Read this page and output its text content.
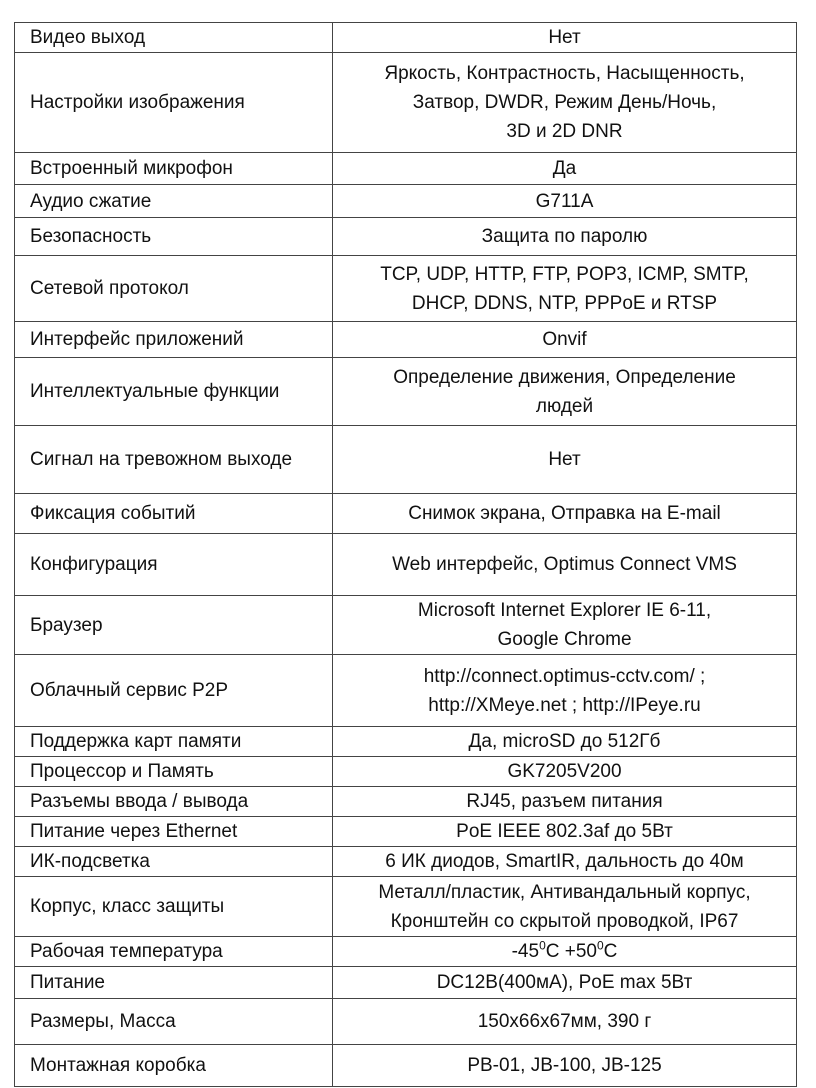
Видео выход	Нет

Настройки изображения	Яркость, Контрастность, Насыщенность,
Затвор, DWDR, Режим День/Ночь,
3D и 2D DNR

Встроенный микрофон	Да

Аудио сжатие	G711A

Безопасность	Защита по паролю

Сетевой протокол	TCP, UDP, HTTP, FTP, POP3, ICMP, SMTP,
DHCP, DDNS, NTP, PPPoE и RTSP

Интерфейс приложений	Onvif

Интеллектуальные функции	Определение движения, Определение
людей

Сигнал на тревожном выходе	Нет

Фиксация событий	Снимок экрана, Отправка на E-mail

Конфигурация	Web интерфейс, Optimus Connect VMS

Браузер	Microsoft Internet Explorer IE 6-11,
Google Chrome

Облачный сервис P2P	http://connect.optimus-cctv.com/ ;
http://XMeye.net ; http://IPeye.ru

Поддержка карт памяти	Да, microSD до 512Гб

Процессор и Память	GK7205V200

Разъемы ввода / вывода	RJ45, разъем питания

Питание через Ethernet	PoE IEEE 802.3af до 5Вт

ИК-подсветка	6 ИК диодов, SmartIR, дальность до 40м

Корпус, класс защиты	Металл/пластик, Антивандальный корпус,
Кронштейн со скрытой проводкой, IP67

Рабочая температура	$-45^0C +50^0C$
Питание	DC12В(400мА), PoE max 5Вт

Размеры, Масса	150x66x67мм, 390 г

Монтажная коробка	PB-01, JB-100, JB-125
